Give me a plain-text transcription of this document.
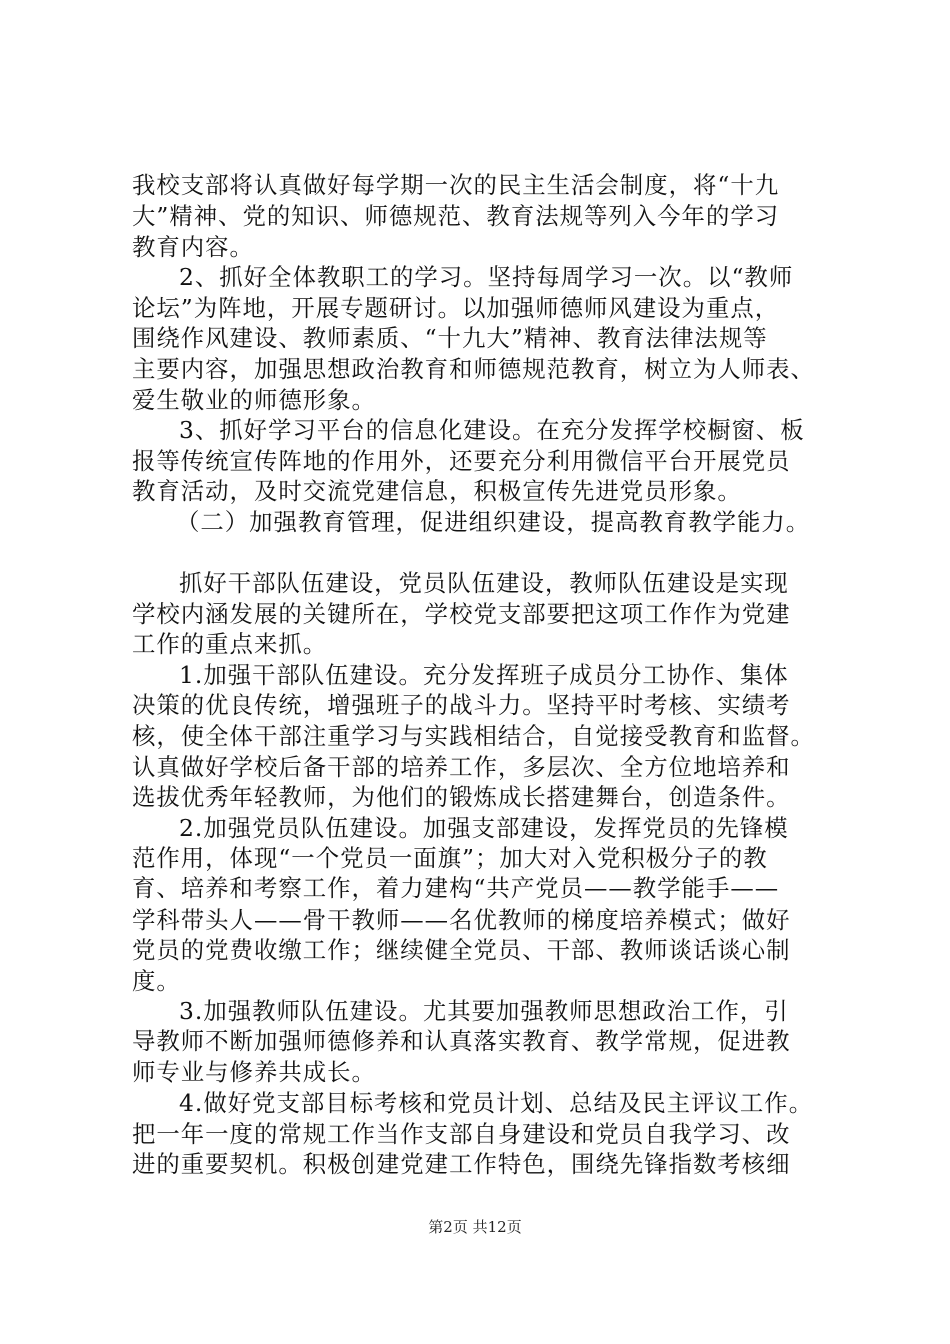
我校支部将认真做好每学期一次的民主生活会制度，将“十九
大”精神、党的知识、师德规范、教育法规等列入今年的学习
教育内容。
2、抓好全体教职工的学习。坚持每周学习一次。以“教师
论坛”为阵地，开展专题研讨。以加强师德师风建设为重点，
围绕作风建设、教师素质、“十九大”精神、教育法律法规等
主要内容，加强思想政治教育和师德规范教育，树立为人师表、
爱生敬业的师德形象。
3、抓好学习平台的信息化建设。在充分发挥学校橱窗、板
报等传统宣传阵地的作用外，还要充分利用微信平台开展党员
教育活动，及时交流党建信息，积极宣传先进党员形象。
（二）加强教育管理，促进组织建设，提高教育教学能力。
抓好干部队伍建设，党员队伍建设，教师队伍建设是实现
学校内涵发展的关键所在，学校党支部要把这项工作作为党建
工作的重点来抓。
1.加强干部队伍建设。充分发挥班子成员分工协作、集体
决策的优良传统，增强班子的战斗力。坚持平时考核、实绩考
核，使全体干部注重学习与实践相结合，自觉接受教育和监督。
认真做好学校后备干部的培养工作，多层次、全方位地培养和
选拔优秀年轻教师，为他们的锻炼成长搭建舞台，创造条件。
2.加强党员队伍建设。加强支部建设，发挥党员的先锋模
范作用，体现“一个党员一面旗”；加大对入党积极分子的教
育、培养和考察工作，着力建构“共产党员——教学能手——
学科带头人——骨干教师——名优教师的梯度培养模式；做好
党员的党费收缴工作；继续健全党员、干部、教师谈话谈心制
度。
3.加强教师队伍建设。尤其要加强教师思想政治工作，引
导教师不断加强师德修养和认真落实教育、教学常规，促进教
师专业与修养共成长。
4.做好党支部目标考核和党员计划、总结及民主评议工作。
把一年一度的常规工作当作支部自身建设和党员自我学习、改
进的重要契机。积极创建党建工作特色，围绕先锋指数考核细
第2页 共12页
